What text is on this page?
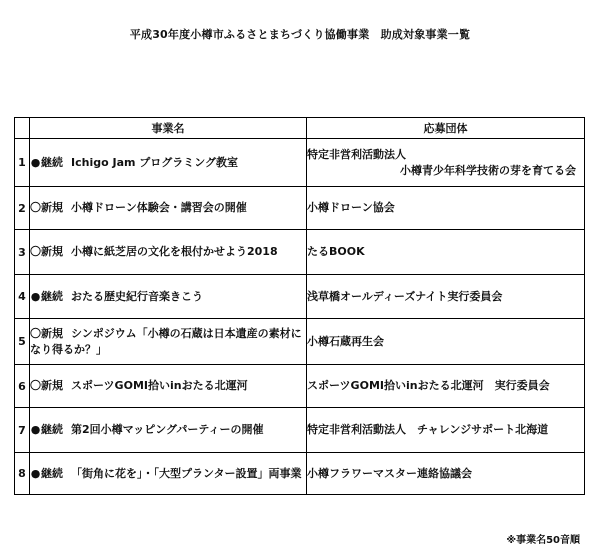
平成30年度小樽市ふるさとまちづくり協働事業　助成対象事業一覧
	事業名	応募団体
1	●継続 Ichigo Jam プログラミング教室	特定非営利活動法人
小樽青少年科学技術の芽を育てる会

2	〇新規 小樽ドローン体験会・講習会の開催	小樽ドローン協会
3	〇新規 小樽に紙芝居の文化を根付かせよう2018	たるBOOK
4	●継続 おたる歴史紀行音楽きこう	浅草橋オールディーズナイト実行委員会
5	〇新規 シンポジウム「小樽の石蔵は日本遺産の素材になり得るか？」	小樽石蔵再生会
6	〇新規 スポーツGOMI拾いinおたる北運河	スポーツGOMI拾いinおたる北運河　実行委員会
7	●継続 第2回小樽マッピングパーティーの開催	特定非営利活動法人　チャレンジサポート北海道
8	●継続 「街角に花を」・「大型プランター設置」両事業	小樽フラワーマスター連絡協議会
※事業名50音順
